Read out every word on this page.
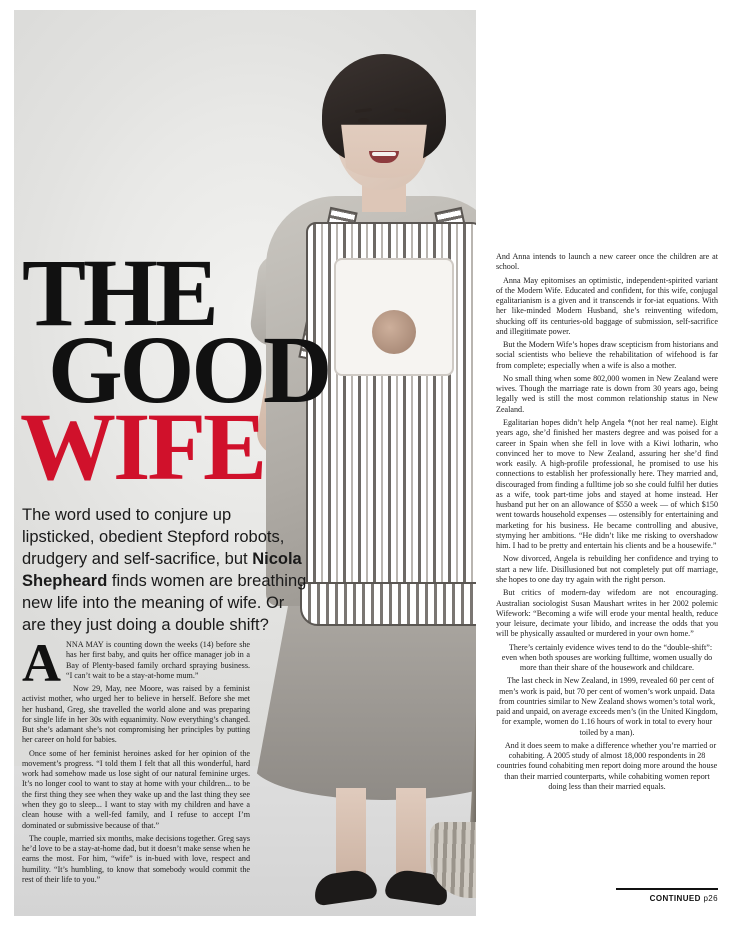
THE
GOOD
WIFE
The word used to conjure up lipsticked, obedient Stepford robots, drudgery and self-sacrifice, but Nicola Shepheard finds women are breathing new life into the meaning of wife. Or are they just doing a double shift?

ANNA MAY is counting down the weeks (14) before she has her first baby, and quits her office manager job in a Bay of Plenty-based family orchard spraying business. “I can’t wait to be a stay-at-home mum.”

Now 29, May, nee Moore, was raised by a feminist activist mother, who urged her to believe in herself. Before she met her husband, Greg, she travelled the world alone and was preparing for single life in her 30s with equanimity. Now everything’s changed. But she’s adamant she’s not compromising her principles by putting her career on hold for babies.

Once some of her feminist heroines asked for her opinion of the movement’s progress. “I told them I felt that all this wonderful, hard work had somehow made us lose sight of our natural feminine urges. It’s no longer cool to want to stay at home with your children... to be the first thing they see when they wake up and the last thing they see when they go to sleep... I want to stay with my children and have a clean house with a well-fed family, and I refuse to accept I’m dominated or submissive because of that.”

The couple, married six months, make decisions together. Greg says he’d love to be a stay-at-home dad, but it doesn’t make sense when he earns the most. For him, “wife” is in-bued with love, respect and humility. “It’s humbling, to know that somebody would commit the rest of their life to you.”

And Anna intends to launch a new career once the children are at school.

Anna May epitomises an optimistic, independent-spirited variant of the Modern Wife. Educated and confident, for this wife, conjugal egalitarianism is a given and it transcends ir for-iat equations. With her like-minded Modern Husband, she’s reinventing wifedom, shucking off its centuries-old baggage of submission, self-sacrifice and illegitimate power.

But the Modern Wife’s hopes draw scepticism from historians and social scientists who believe the rehabilitation of wifehood is far from complete; especially when a wife is also a mother.

No small thing when some 802,000 women in New Zealand were wives. Though the marriage rate is down from 30 years ago, being legally wed is still the most common relationship status in New Zealand.

Egalitarian hopes didn’t help Angela *(not her real name). Eight years ago, she’d finished her masters degree and was poised for a career in Spain when she fell in love with a Kiwi lotharin, who convinced her to move to New Zealand, assuring her she’d find work easily. A high-profile professional, he promised to use his connections to establish her professionally here. They married and, discouraged from finding a fulltime job so she could fulfil her duties as a wife, took part-time jobs and stayed at home instead. Her husband put her on an allowance of $550 a week — of which $150 went towards household expenses — ostensibly for entertaining and marketing for his business. He became controlling and abusive, stymying her ambitions. “He didn’t like me risking to overshadow him. I had to be pretty and entertain his clients and be a housewife.”

Now divorced, Angela is rebuilding her confidence and trying to start a new life. Disillusioned but not completely put off marriage, she hopes to one day try again with the right person.

But critics of modern-day wifedom are not encouraging. Australian sociologist Susan Maushart writes in her 2002 polemic Wifework: “Becoming a wife will erode your mental health, reduce your leisure, decimate your libido, and increase the odds that you will be physically assaulted or murdered in your own home.”

There’s certainly evidence wives tend to do the “double-shift”: even when both spouses are working fulltime, women usually do more than their share of the housework and childcare.

The last check in New Zealand, in 1999, revealed 60 per cent of men’s work is paid, but 70 per cent of women’s work unpaid. Data from countries similar to New Zealand shows women’s total work, paid and unpaid, on average exceeds men’s (in the United Kingdom, for example, women do 1.16 hours of work in total to every hour toiled by a man).

And it does seem to make a difference whether you’re married or cohabiting. A 2005 study of almost 18,000 respondents in 28 countries found cohabiting men report doing more around the house than their married counterparts, while cohabiting women report doing less than their married equals.

CONTINUED p26
